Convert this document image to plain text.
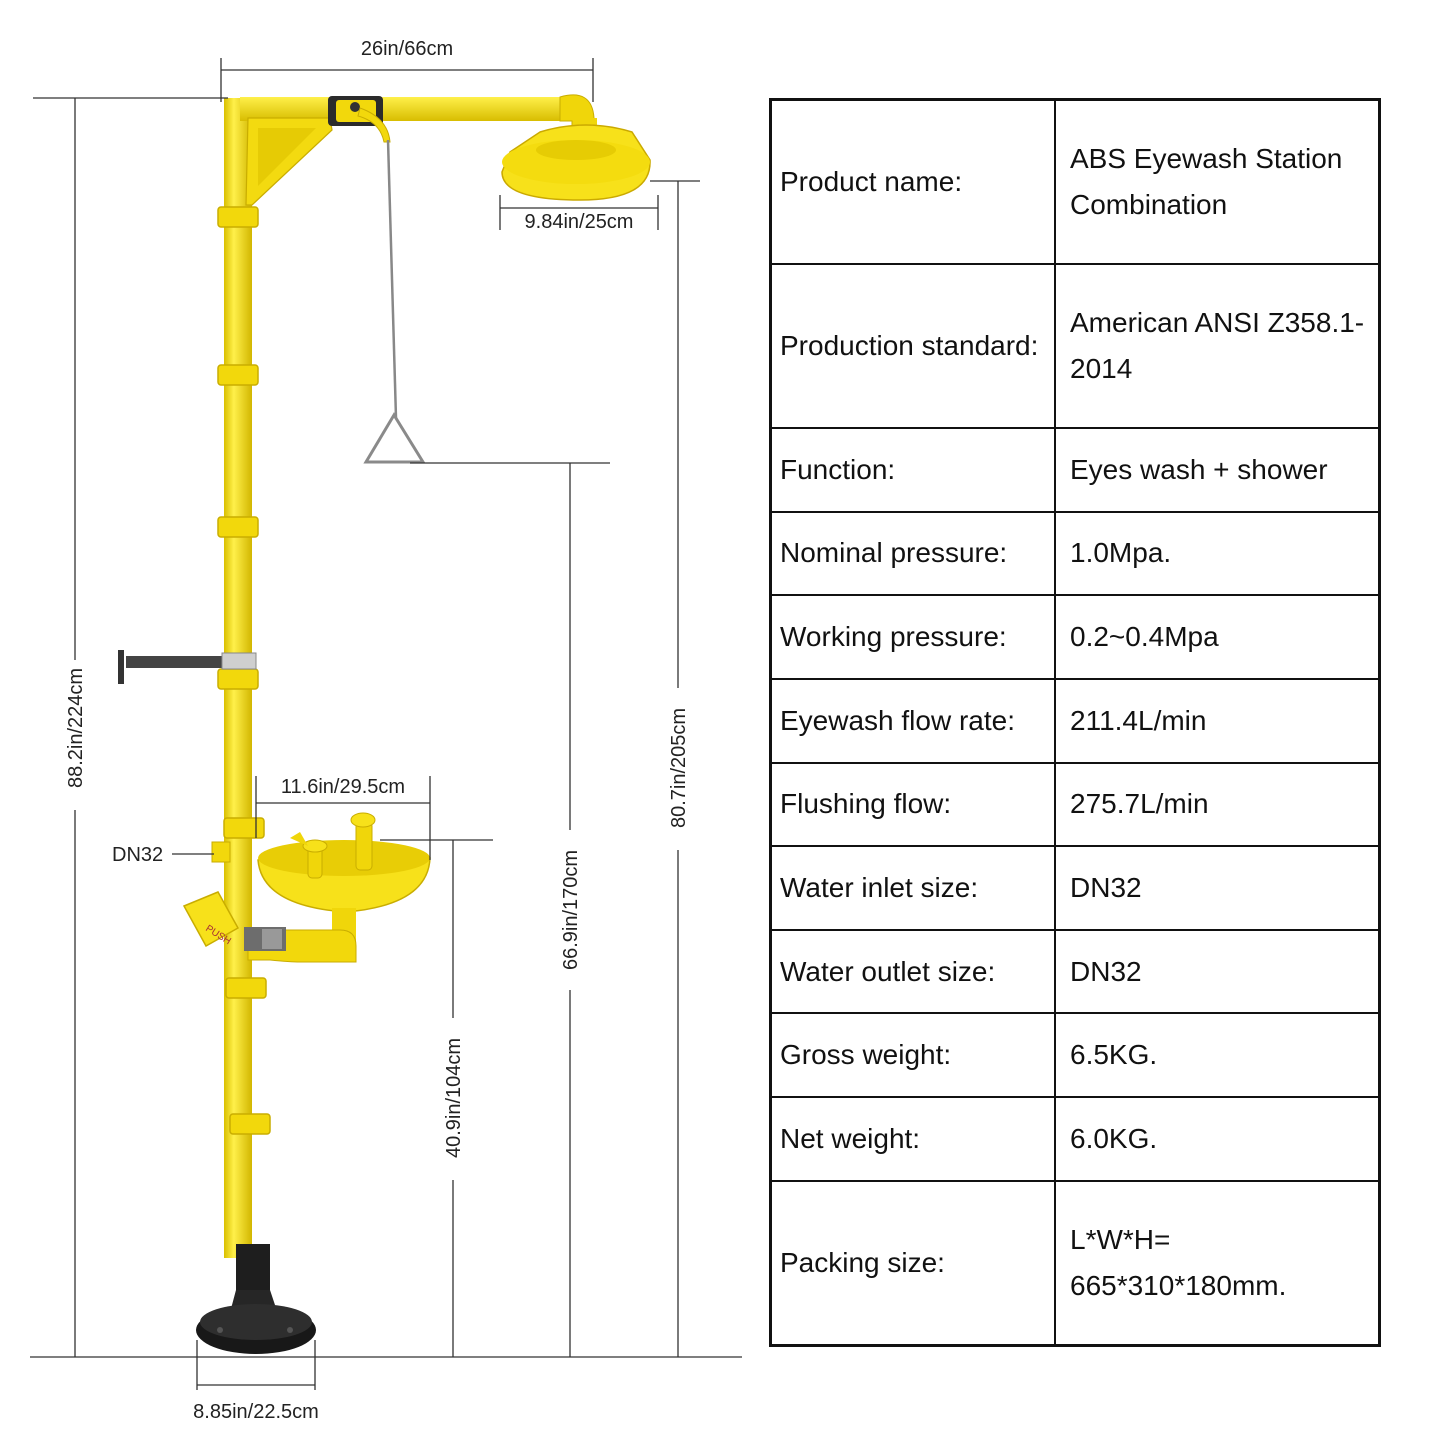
PUSH
26in/66cm
9.84in/25cm
88.2in/224cm	80.7in/205cm
66.9in/170cm
11.6in/29.5cm
40.9in/104cm
8.85in/22.5cm
DN32
Product name:	ABS Eyewash Station Combination
Production standard:	American ANSI Z358.1-2014
Function:	Eyes wash + shower
Nominal pressure:	1.0Mpa.
Working pressure:	0.2~0.4Mpa
Eyewash flow rate:	211.4L/min
Flushing flow:	275.7L/min
Water inlet size:	DN32
Water outlet size:	DN32
Gross weight:	6.5KG.
Net weight:	6.0KG.
Packing size:	L*W*H= 665*310*180mm.
